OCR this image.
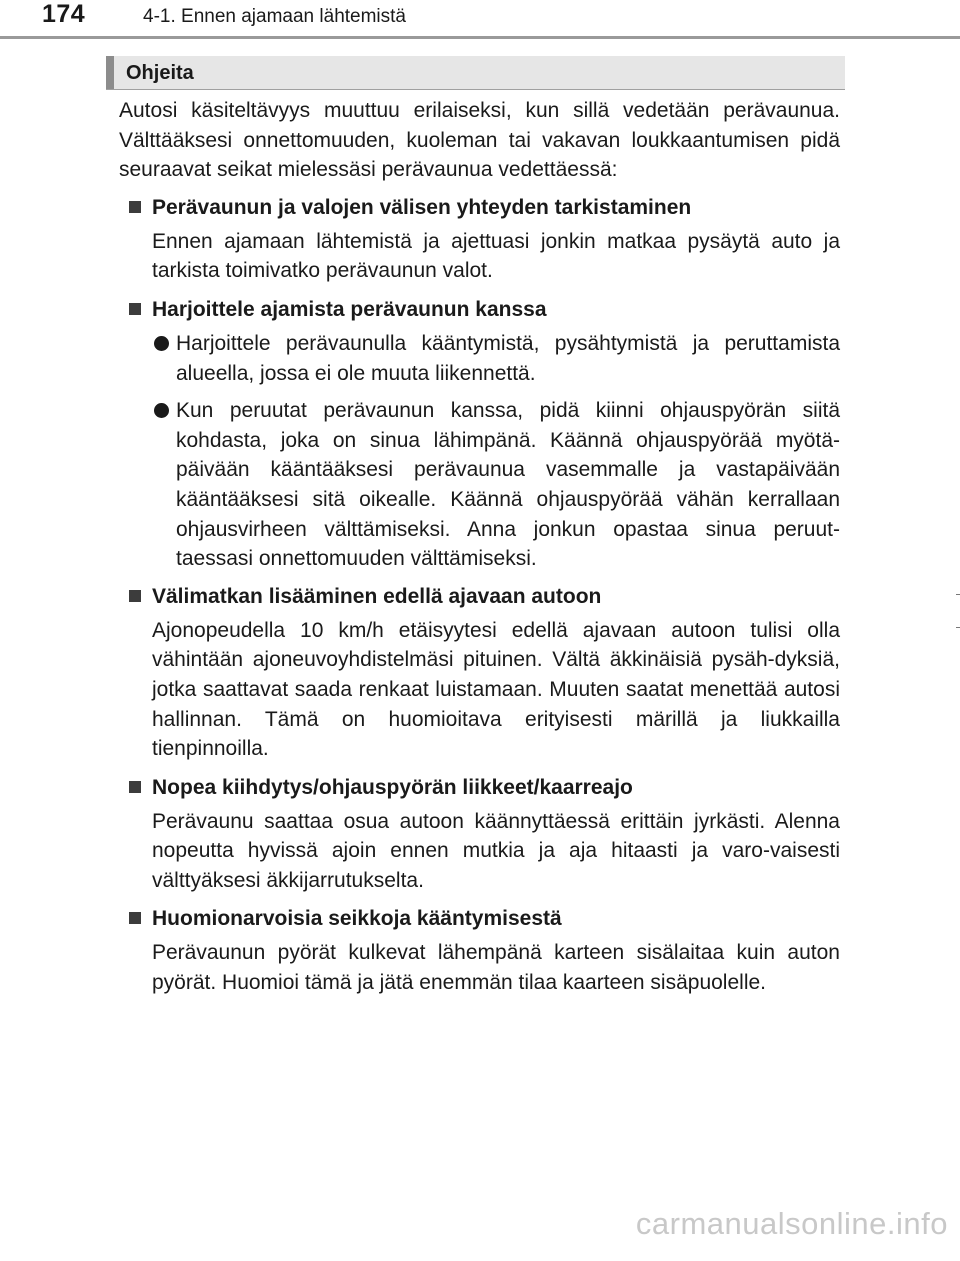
174	4-1. Ennen ajamaan lähtemistä
Ohjeita

Autosi käsiteltävyys muuttuu erilaiseksi, kun sillä vedetään perävaunua. Välttääksesi onnettomuuden, kuoleman tai vakavan loukkaantumisen pidä seuraavat seikat mielessäsi perävaunua vedettäessä:

Perävaunun ja valojen välisen yhteyden tarkistaminen

Ennen ajamaan lähtemistä ja ajettuasi jonkin matkaa pysäytä auto ja tarkista toimivatko perävaunun valot.

Harjoittele ajamista perävaunun kanssa

Harjoittele perävaunulla kääntymistä, pysähtymistä ja peruttamista alueella, jossa ei ole muuta liikennettä.

Kun peruutat perävaunun kanssa, pidä kiinni ohjauspyörän siitä kohdasta, joka on sinua lähimpänä. Käännä ohjauspyörää myötä-päivään kääntääksesi perävaunua vasemmalle ja vastapäivään kääntääksesi sitä oikealle. Käännä ohjauspyörää vähän kerrallaan ohjausvirheen välttämiseksi. Anna jonkun opastaa sinua peruut-taessasi onnettomuuden välttämiseksi.

Välimatkan lisääminen edellä ajavaan autoon

Ajonopeudella 10 km/h etäisyytesi edellä ajavaan autoon tulisi olla vähintään ajoneuvoyhdistelmäsi pituinen. Vältä äkkinäisiä pysäh-dyksiä, jotka saattavat saada renkaat luistamaan. Muuten saatat menettää autosi hallinnan. Tämä on huomioitava erityisesti märillä ja liukkailla tienpinnoilla.

Nopea kiihdytys/ohjauspyörän liikkeet/kaarreajo

Perävaunu saattaa osua autoon käännyttäessä erittäin jyrkästi. Alenna nopeutta hyvissä ajoin ennen mutkia ja aja hitaasti ja varo-vaisesti välttyäksesi äkkijarrutukselta.

Huomionarvoisia seikkoja kääntymisestä

Perävaunun pyörät kulkevat lähempänä karteen sisälaitaa kuin auton pyörät. Huomioi tämä ja jätä enemmän tilaa kaarteen sisäpuolelle.

carmanualsonline.info
